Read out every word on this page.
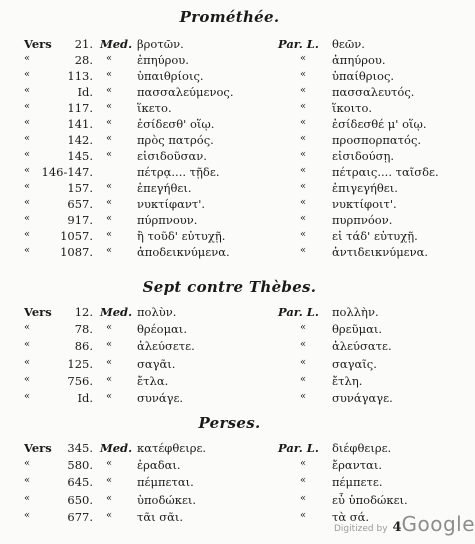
Prométhée.
Vers 21. Med. βροτῶν.	Par. L. θεῶν.
«	28.	«	ἐπηύρου.	« ἀπηύρου.
«	113.	«	ὑπαιθρίοις.	« ὑπαίθριος.
«	Id.	«	πασσαλεύμενος.	« πασσαλευτός.
«	117.	«	ἵκετο.	« ἵκοιτο.
«	141.	«	ἐσίδεσθ' οἵῳ.	« ἐσίδεσθέ μ' οἵῳ.
«	142.	«	πρὸς πατρός.	« προσπορπατός.
«	145.	«	εἰσιδοῦσαν.	« εἰσιδούσῃ.
« 146-147.	πέτρᾳ.... τῇδε.	« πέτραις.... ταῖσδε.
«	157.	«	ἐπεγήθει.	« ἐπιγεγήθει.
«	657.	«	νυκτίφαντ'.	« νυκτίφοιτ'.
«	917.	«	πύρπνουν.	« πυρπνόον.
«	1057.	«	ἢ τοῦδ' εὐτυχῇ.	« εἰ τάδ' εὐτυχῇ.
«	1087.	«	ἀποδεικνύμενα.	« ἀντιδεικνύμενα.
Sept contre Thèbes.
Vers 12. Med. πολὺν.	Par. L. πολλὴν.
«	78.	«	θρέομαι.	« θρεῦμαι.
«	86.	«	ἀλεύσετε.	« ἀλεύσατε.
«	125.	«	σαγᾶι.	« σαγαῖς.
«	756.	«	ἔτλα.	« ἔτλη.
«	Id.	«	συνάγε.	« συνάγαγε.
Perses.
Vers 345. Med. κατέφθειρε.	Par. L. διέφθειρε.
«	580.	«	ἐραδαι.	« ἔρανται.
«	645.	«	πέμπεται.	« πέμπετε.
«	650.	«	ὑποδώκει.	« εὖ ὑποδώκει.
«	677.	«	τᾶι σᾶι.	« τὰ σά.
Digitized by 4Google
